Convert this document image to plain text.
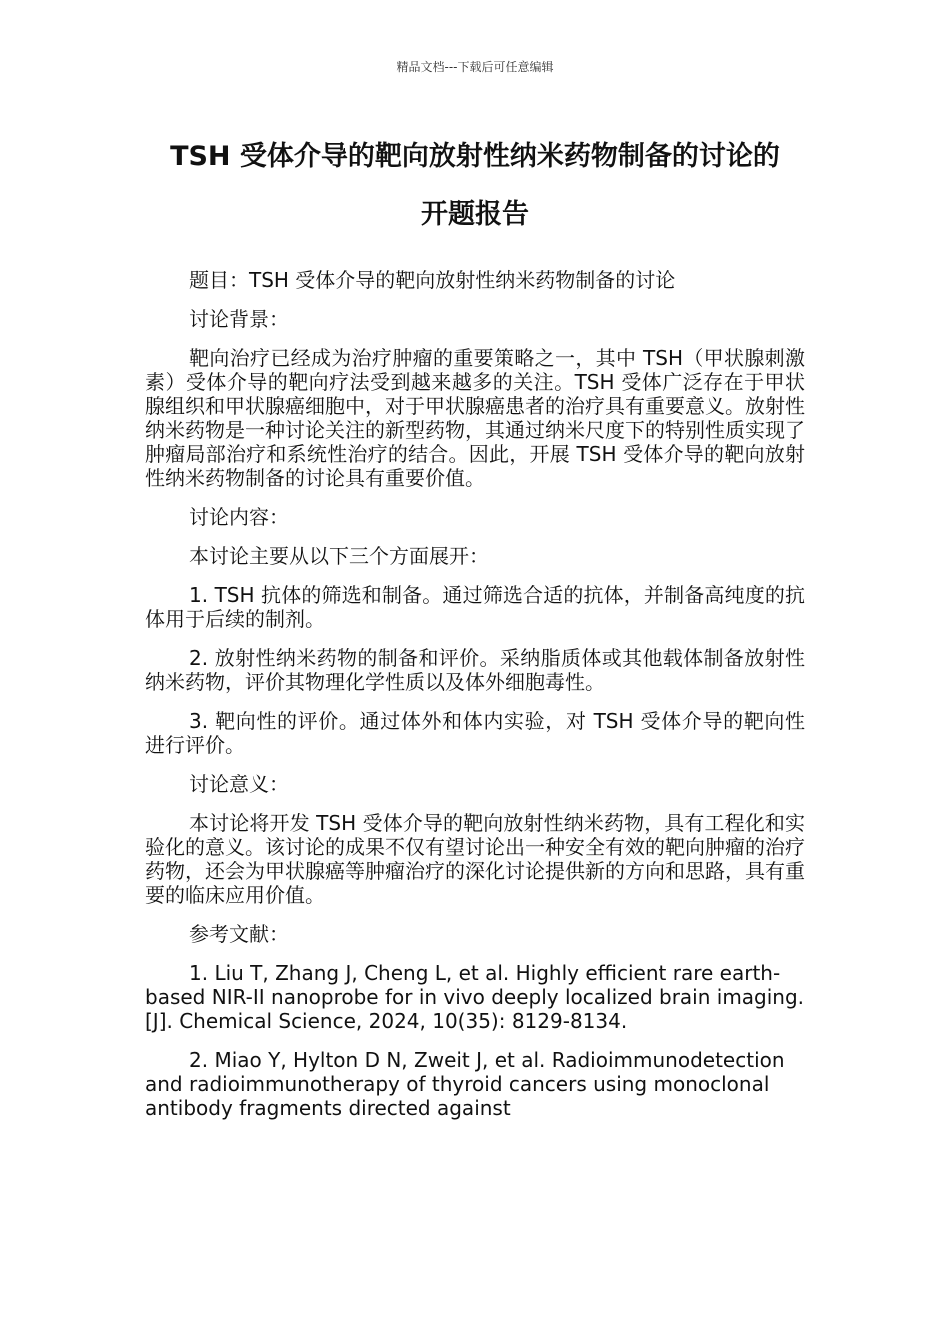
精品文档---下载后可任意编辑
TSH 受体介导的靶向放射性纳米药物制备的讨论的
开题报告

题目：TSH 受体介导的靶向放射性纳米药物制备的讨论

讨论背景：

靶向治疗已经成为治疗肿瘤的重要策略之一，其中 TSH（甲状腺刺激素）受体介导的靶向疗法受到越来越多的关注。TSH 受体广泛存在于甲状腺组织和甲状腺癌细胞中，对于甲状腺癌患者的治疗具有重要意义。放射性纳米药物是一种讨论关注的新型药物，其通过纳米尺度下的特别性质实现了肿瘤局部治疗和系统性治疗的结合。因此，开展 TSH 受体介导的靶向放射性纳米药物制备的讨论具有重要价值。

讨论内容：

本讨论主要从以下三个方面展开：

1. TSH 抗体的筛选和制备。通过筛选合适的抗体，并制备高纯度的抗体用于后续的制剂。

2. 放射性纳米药物的制备和评价。采纳脂质体或其他载体制备放射性纳米药物，评价其物理化学性质以及体外细胞毒性。

3. 靶向性的评价。通过体外和体内实验，对 TSH 受体介导的靶向性进行评价。

讨论意义：

本讨论将开发 TSH 受体介导的靶向放射性纳米药物，具有工程化和实验化的意义。该讨论的成果不仅有望讨论出一种安全有效的靶向肿瘤的治疗药物，还会为甲状腺癌等肿瘤治疗的深化讨论提供新的方向和思路，具有重要的临床应用价值。

参考文献：

1. Liu T, Zhang J, Cheng L, et al. Highly efficient rare earth-based NIR-II nanoprobe for in vivo deeply localized brain imaging.[J]. Chemical Science, 2024, 10(35): 8129-8134.

2. Miao Y, Hylton D N, Zweit J, et al. Radioimmunodetection and radioimmunotherapy of thyroid cancers using monoclonal antibody fragments directed against
